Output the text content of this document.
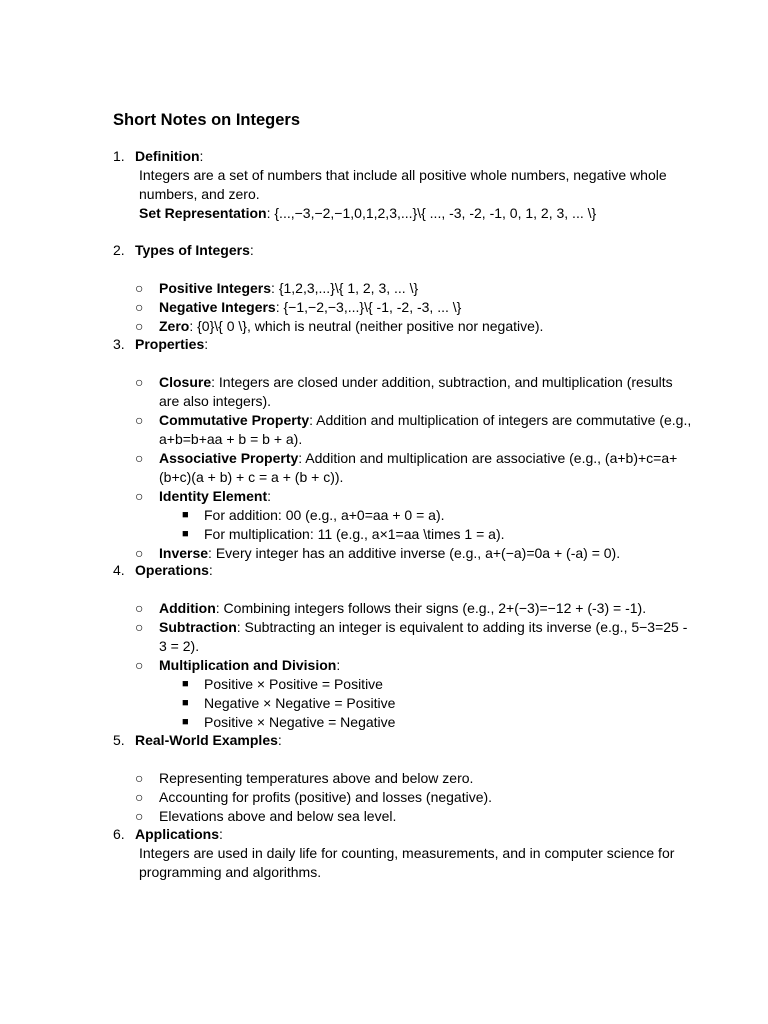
Short Notes on Integers
1. Definition:

Integers are a set of numbers that include all positive whole numbers, negative whole numbers, and zero.

Set Representation: {...,−3,−2,−1,0,1,2,3,...}\{ ..., -3, -2, -1, 0, 1, 2, 3, ... \}

2. Types of Integers:

○ Positive Integers: {1,2,3,...}\{ 1, 2, 3, ... \}
○ Negative Integers: {−1,−2,−3,...}\{ -1, -2, -3, ... \}
○ Zero: {0}\{ 0 \}, which is neutral (neither positive nor negative).
3. Properties:

○ Closure: Integers are closed under addition, subtraction, and multiplication (results are also integers).
○ Commutative Property: Addition and multiplication of integers are commutative (e.g., a+b=b+aa + b = b + a).
○ Associative Property: Addition and multiplication are associative (e.g., (a+b)+c=a+(b+c)(a + b) + c = a + (b + c)).
○ Identity Element:
■ For addition: 00 (e.g., a+0=aa + 0 = a).
■ For multiplication: 11 (e.g., a×1=aa \times 1 = a).
○ Inverse: Every integer has an additive inverse (e.g., a+(−a)=0a + (-a) = 0).
4. Operations:

○ Addition: Combining integers follows their signs (e.g., 2+(−3)=−12 + (-3) = -1).
○ Subtraction: Subtracting an integer is equivalent to adding its inverse (e.g., 5−3=25 - 3 = 2).
○ Multiplication and Division:
■ Positive × Positive = Positive
■ Negative × Negative = Positive
■ Positive × Negative = Negative
5. Real-World Examples:

○ Representing temperatures above and below zero.
○ Accounting for profits (positive) and losses (negative).
○ Elevations above and below sea level.
6. Applications:

Integers are used in daily life for counting, measurements, and in computer science for programming and algorithms.
